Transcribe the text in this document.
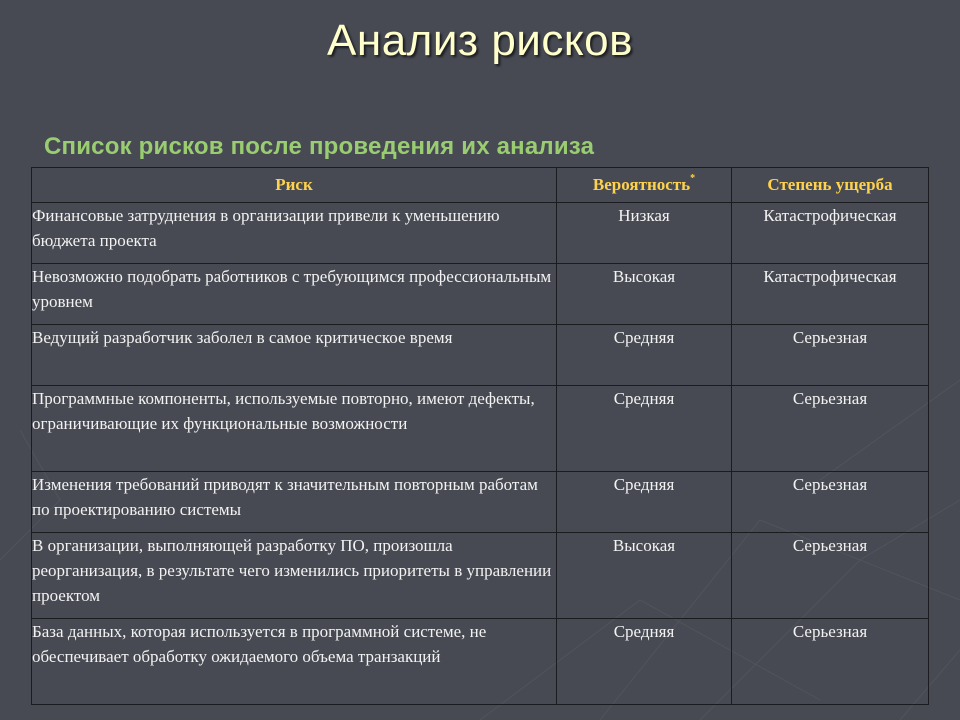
Анализ рисков
Список рисков после проведения их анализа
Риск	Вероятность*	Степень ущерба
Финансовые затруднения в организации привели к уменьшению бюджета проекта	Низкая	Катастрофическая
Невозможно подобрать работников с требующимся профессиональным уровнем	Высокая	Катастрофическая
Ведущий разработчик заболел в самое критическое время	Средняя	Серьезная
Программные компоненты, используемые повторно, имеют дефекты, ограничивающие их функциональные возможности	Средняя	Серьезная
Изменения требований приводят к значительным повторным работам по проектированию системы	Средняя	Серьезная
В организации, выполняющей разработку ПО, произошла реорганизация, в результате чего изменились приоритеты в управлении проектом	Высокая	Серьезная
База данных, которая используется в программной системе, не обеспечивает обработку ожидаемого объема транзакций	Средняя	Серьезная
